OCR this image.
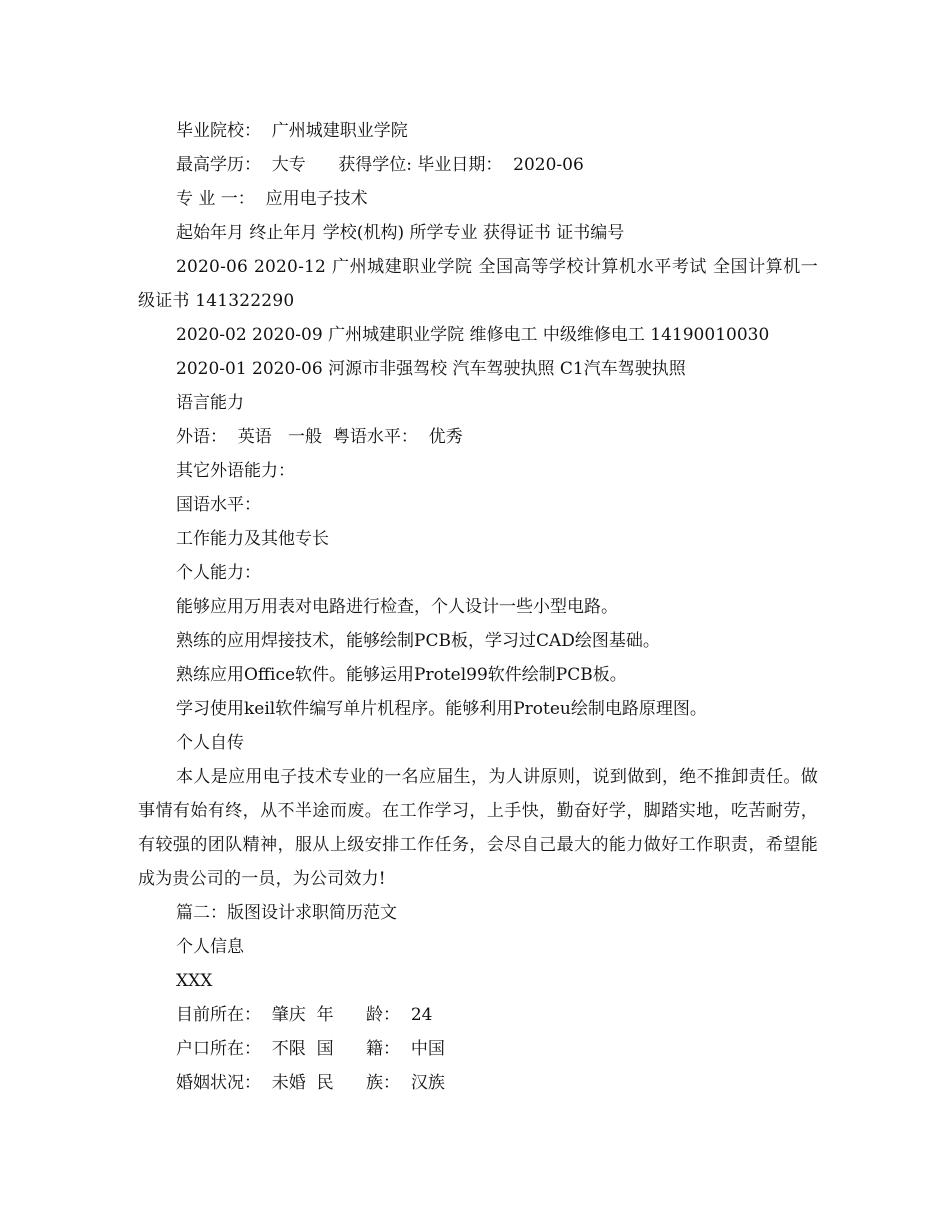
毕业院校：  广州城建职业学院

最高学历：  大专      获得学位: 毕业日期：  2020-06

专 业 一：  应用电子技术

起始年月 终止年月 学校(机构) 所学专业 获得证书 证书编号

2020-06 2020-12 广州城建职业学院 全国高等学校计算机水平考试 全国计算机一级证书 141322290

2020-02 2020-09 广州城建职业学院 维修电工 中级维修电工 14190010030

2020-01 2020-06 河源市非强驾校 汽车驾驶执照 C1汽车驾驶执照

语言能力

外语：  英语   一般  粤语水平：  优秀

其它外语能力：

国语水平：

工作能力及其他专长

个人能力：

能够应用万用表对电路进行检查，个人设计一些小型电路。

熟练的应用焊接技术，能够绘制PCB板，学习过CAD绘图基础。

熟练应用Office软件。能够运用Protel99软件绘制PCB板。

学习使用keil软件编写单片机程序。能够利用Proteu绘制电路原理图。

个人自传

本人是应用电子技术专业的一名应届生，为人讲原则，说到做到，绝不推卸责任。做事情有始有终，从不半途而废。在工作学习，上手快，勤奋好学，脚踏实地，吃苦耐劳，有较强的团队精神，服从上级安排工作任务，会尽自己最大的能力做好工作职责，希望能成为贵公司的一员，为公司效力!

篇二：版图设计求职简历范文

个人信息

XXX

目前所在：  肇庆  年      龄：  24

户口所在：  不限  国      籍：  中国

婚姻状况：  未婚  民      族：  汉族
